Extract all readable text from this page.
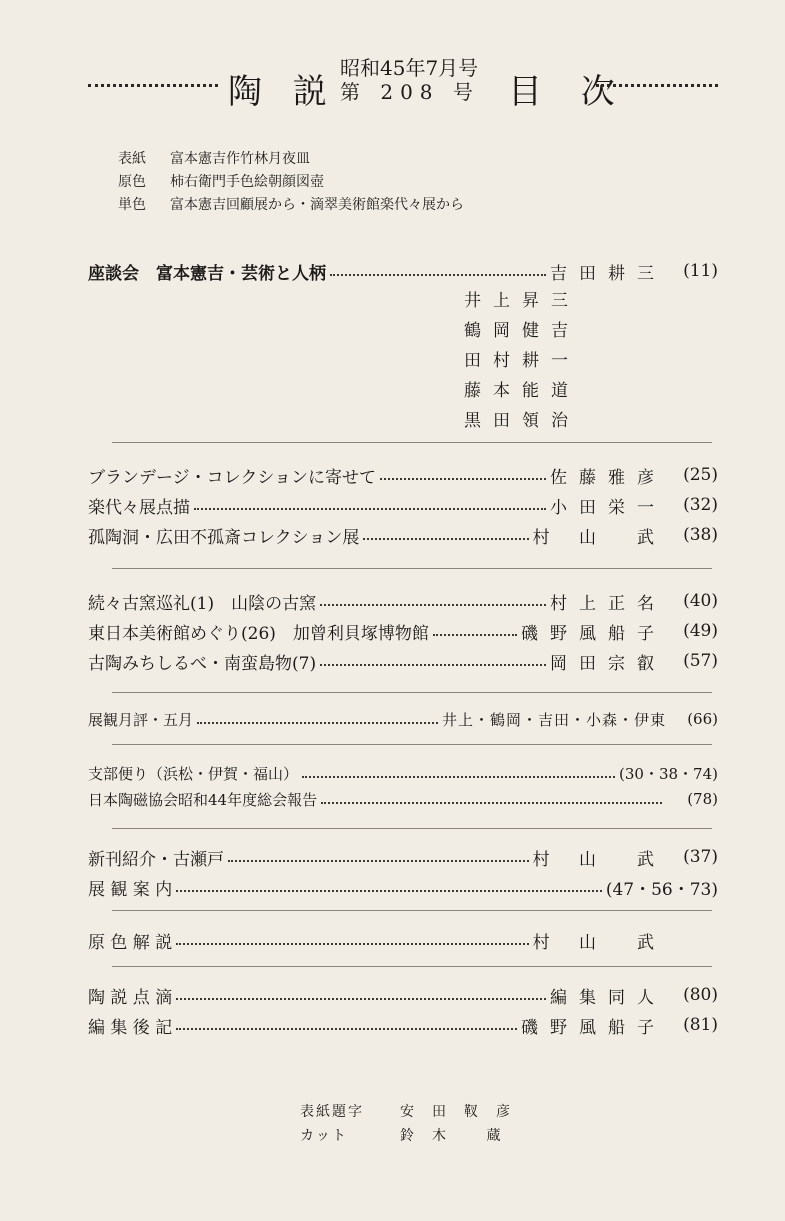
陶 説
昭和45年7月号
第 208 号 目 次
表紙 富本憲吉作竹林月夜皿
原色 柿右衛門手色絵朝顔図壺
単色 富本憲吉回顧展から・滴翠美術館楽代々展から
座談会　富本憲吉・芸術と人柄	吉田耕三	(11)
井上昇三
鶴岡健吉
田村耕一
藤本能道
黒田領治
ブランデージ・コレクションに寄せて	佐藤雅彦	(25)
楽代々展点描	小田栄一	(32)
孤陶洞・広田不孤斎コレクション展	村 山　武	(38)
続々古窯巡礼(1)　山陰の古窯	村上正名	(40)
東日本美術館めぐり(26)　加曾利貝塚博物館	磯野風船子	(49)
古陶みちしるべ・南蛮島物(7)	岡田宗叡	(57)
展観月評・五月	井上・鶴岡・吉田・小森・伊東	(66)
支部便り（浜松・伊賀・福山）	(30・38・74)
日本陶磁協会昭和44年度総会報告	(78)
新刊紹介・古瀬戸	村 山　武	(37)
展 観 案 内	(47・56・73)
原 色 解 説	村 山　武
陶 説 点 滴	編集同人	(80)
編 集 後 記	磯野風船子	(81)
表紙題字	安田靫彦
カット	鈴木 蔵
